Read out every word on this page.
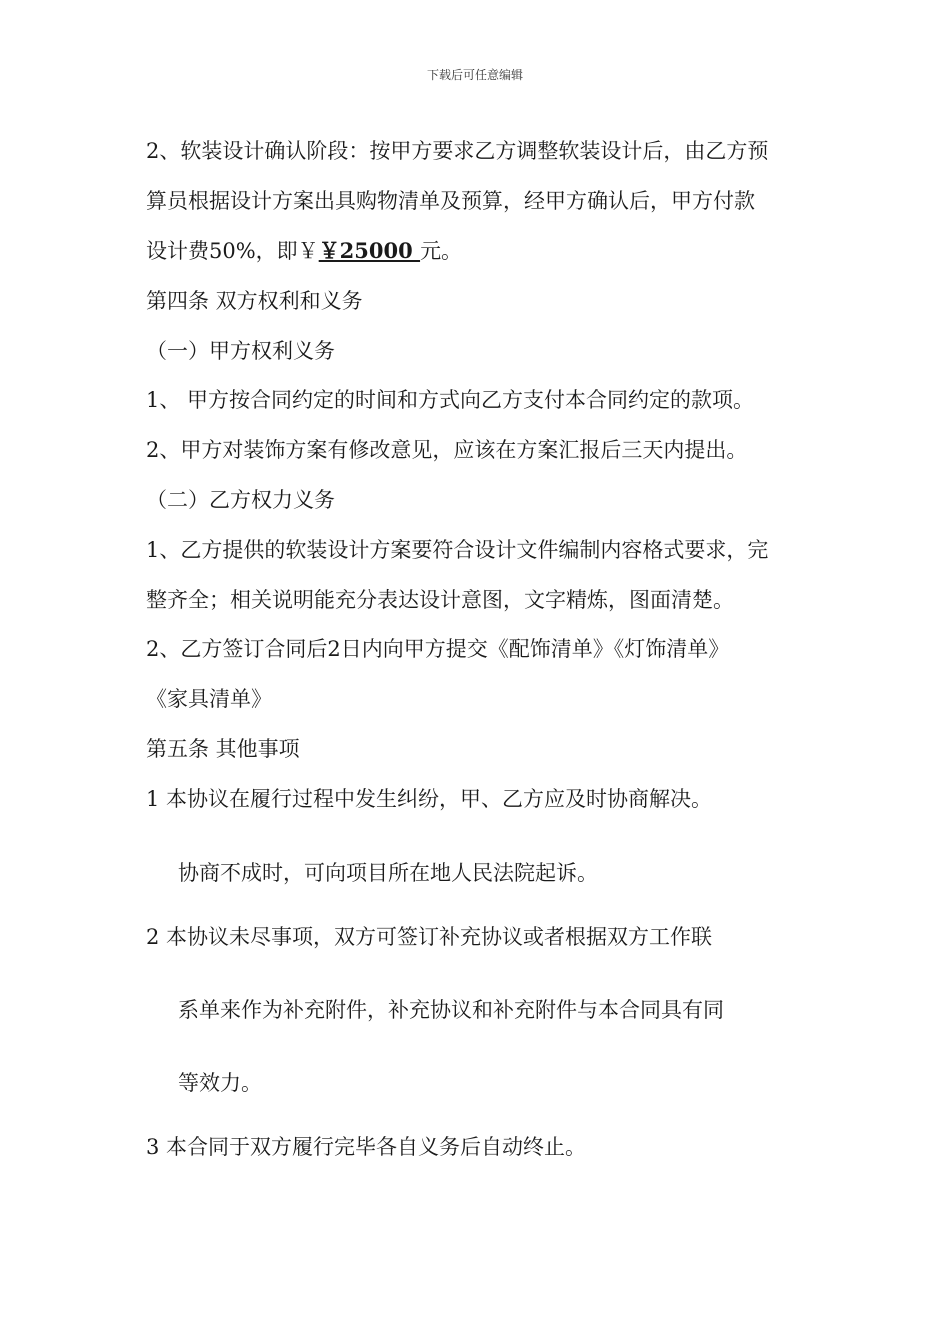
下载后可任意编辑
2、软装设计确认阶段：按甲方要求乙方调整软装设计后，由乙方预
算员根据设计方案出具购物清单及预算，经甲方确认后，甲方付款
设计费50%，即￥￥25000 元。
第四条 双方权利和义务
（一）甲方权利义务
1、 甲方按合同约定的时间和方式向乙方支付本合同约定的款项。
2、甲方对装饰方案有修改意见，应该在方案汇报后三天内提出。
（二）乙方权力义务
1、乙方提供的软装设计方案要符合设计文件编制内容格式要求，完
整齐全；相关说明能充分表达设计意图，文字精炼，图面清楚。
2、乙方签订合同后2日内向甲方提交《配饰清单》《灯饰清单》
《家具清单》
第五条 其他事项
1 本协议在履行过程中发生纠纷，甲、乙方应及时协商解决。
协商不成时，可向项目所在地人民法院起诉。
2 本协议未尽事项，双方可签订补充协议或者根据双方工作联
系单来作为补充附件，补充协议和补充附件与本合同具有同
等效力。
3 本合同于双方履行完毕各自义务后自动终止。
